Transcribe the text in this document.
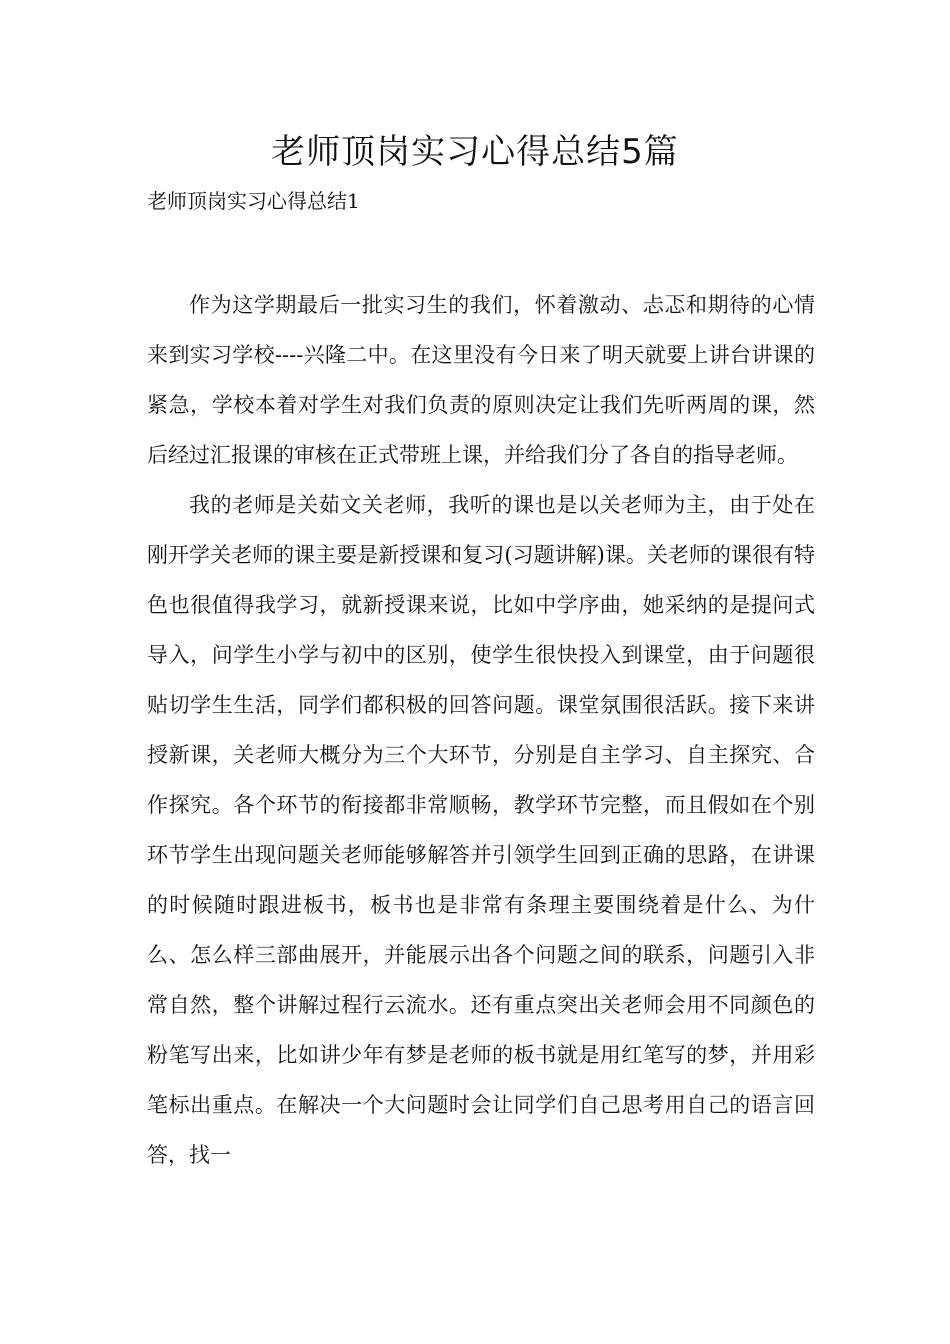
老师顶岗实习心得总结5篇

老师顶岗实习心得总结1

作为这学期最后一批实习生的我们，怀着激动、忐忑和期待的心情来到实习学校----兴隆二中。在这里没有今日来了明天就要上讲台讲课的紧急，学校本着对学生对我们负责的原则决定让我们先听两周的课，然后经过汇报课的审核在正式带班上课，并给我们分了各自的指导老师。

我的老师是关茹文关老师，我听的课也是以关老师为主，由于处在刚开学关老师的课主要是新授课和复习(习题讲解)课。关老师的课很有特色也很值得我学习，就新授课来说，比如中学序曲，她采纳的是提问式导入，问学生小学与初中的区别，使学生很快投入到课堂，由于问题很贴切学生生活，同学们都积极的回答问题。课堂氛围很活跃。接下来讲授新课，关老师大概分为三个大环节，分别是自主学习、自主探究、合作探究。各个环节的衔接都非常顺畅，教学环节完整，而且假如在个别环节学生出现问题关老师能够解答并引领学生回到正确的思路，在讲课的时候随时跟进板书，板书也是非常有条理主要围绕着是什么、为什么、怎么样三部曲展开，并能展示出各个问题之间的联系，问题引入非常自然，整个讲解过程行云流水。还有重点突出关老师会用不同颜色的粉笔写出来，比如讲少年有梦是老师的板书就是用红笔写的梦，并用彩笔标出重点。在解决一个大问题时会让同学们自己思考用自己的语言回答，找一
